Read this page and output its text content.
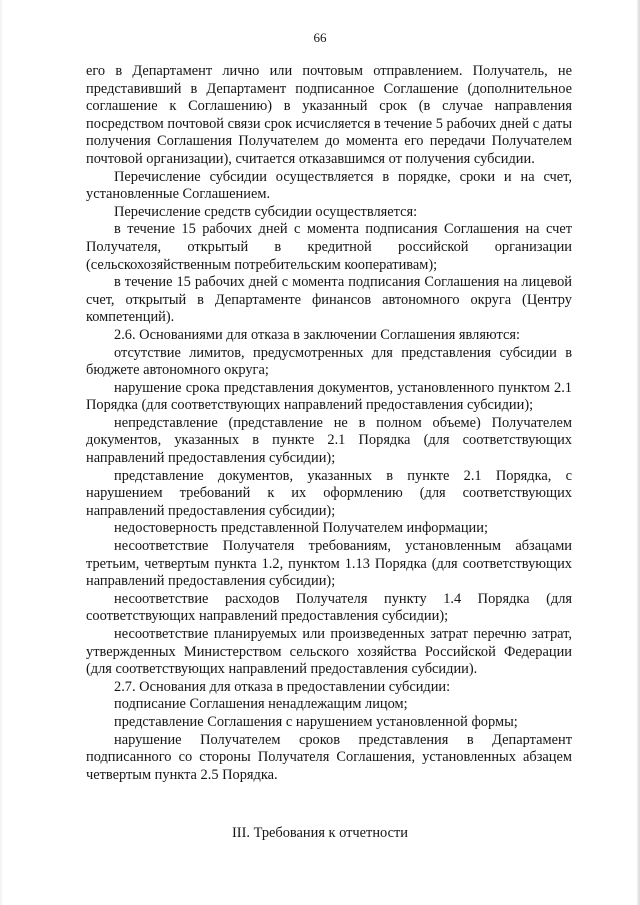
66

его в Департамент лично или почтовым отправлением. Получатель, не представивший в Департамент подписанное Соглашение (дополнительное соглашение к Соглашению) в указанный срок (в случае направления посредством почтовой связи срок исчисляется в течение 5 рабочих дней с даты получения Соглашения Получателем до момента его передачи Получателем почтовой организации), считается отказавшимся от получения субсидии.

Перечисление субсидии осуществляется в порядке, сроки и на счет, установленные Соглашением.

Перечисление средств субсидии осуществляется:

в течение 15 рабочих дней с момента подписания Соглашения на счет Получателя, открытый в кредитной российской организации (сельскохозяйственным потребительским кооперативам);

в течение 15 рабочих дней с момента подписания Соглашения на лицевой счет, открытый в Департаменте финансов автономного округа (Центру компетенций).

2.6. Основаниями для отказа в заключении Соглашения являются:

отсутствие лимитов, предусмотренных для представления субсидии в бюджете автономного округа;

нарушение срока представления документов, установленного пунктом 2.1 Порядка (для соответствующих направлений предоставления субсидии);

непредставление (представление не в полном объеме) Получателем документов, указанных в пункте 2.1 Порядка (для соответствующих направлений предоставления субсидии);

представление документов, указанных в пункте 2.1 Порядка, с нарушением требований к их оформлению (для соответствующих направлений предоставления субсидии);

недостоверность представленной Получателем информации;

несоответствие Получателя требованиям, установленным абзацами третьим, четвертым пункта 1.2, пунктом 1.13 Порядка (для соответствующих направлений предоставления субсидии);

несоответствие расходов Получателя пункту 1.4 Порядка (для соответствующих направлений предоставления субсидии);

несоответствие планируемых или произведенных затрат перечню затрат, утвержденных Министерством сельского хозяйства Российской Федерации (для соответствующих направлений предоставления субсидии).

2.7. Основания для отказа в предоставлении субсидии:

подписание Соглашения ненадлежащим лицом;

представление Соглашения с нарушением установленной формы;

нарушение Получателем сроков представления в Департамент подписанного со стороны Получателя Соглашения, установленных абзацем четвертым пункта 2.5 Порядка.

III. Требования к отчетности
